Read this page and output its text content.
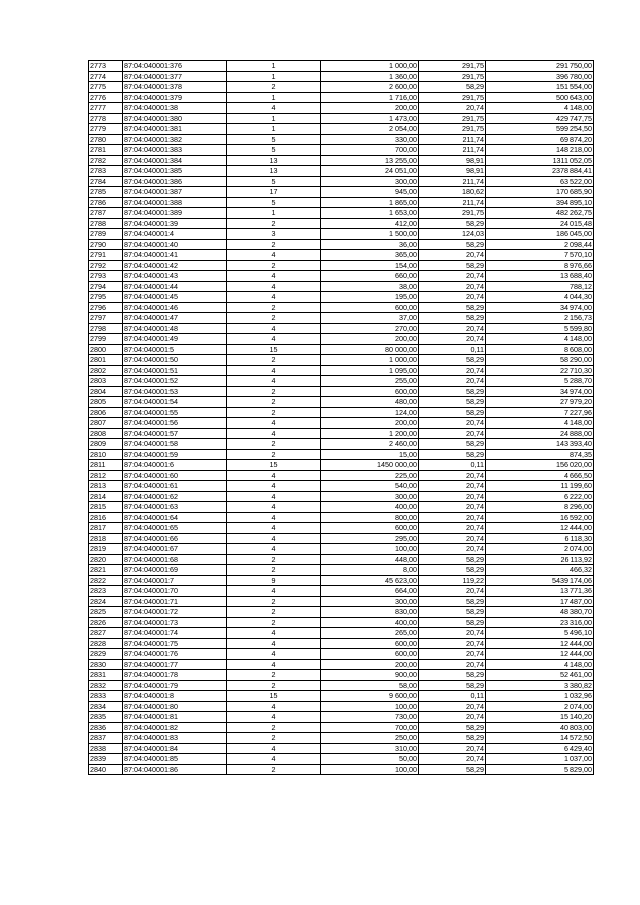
2773	87:04:040001:376	1	1 000,00	291,75	291 750,00
2774	87:04:040001:377	1	1 360,00	291,75	396 780,00
2775	87:04:040001:378	2	2 600,00	58,29	151 554,00
2776	87:04:040001:379	1	1 716,00	291,75	500 643,00
2777	87:04:040001:38	4	200,00	20,74	4 148,00
2778	87:04:040001:380	1	1 473,00	291,75	429 747,75
2779	87:04:040001:381	1	2 054,00	291,75	599 254,50
2780	87:04:040001:382	5	330,00	211,74	69 874,20
2781	87:04:040001:383	5	700,00	211,74	148 218,00
2782	87:04:040001:384	13	13 255,00	98,91	1311 052,05
2783	87:04:040001:385	13	24 051,00	98,91	2378 884,41
2784	87:04:040001:386	5	300,00	211,74	63 522,00
2785	87:04:040001:387	17	945,00	180,62	170 685,90
2786	87:04:040001:388	5	1 865,00	211,74	394 895,10
2787	87:04:040001:389	1	1 653,00	291,75	482 262,75
2788	87:04:040001:39	2	412,00	58,29	24 015,48
2789	87:04:040001:4	3	1 500,00	124,03	186 045,00
2790	87:04:040001:40	2	36,00	58,29	2 098,44
2791	87:04:040001:41	4	365,00	20,74	7 570,10
2792	87:04:040001:42	2	154,00	58,29	8 976,66
2793	87:04:040001:43	4	660,00	20,74	13 688,40
2794	87:04:040001:44	4	38,00	20,74	788,12
2795	87:04:040001:45	4	195,00	20,74	4 044,30
2796	87:04:040001:46	2	600,00	58,29	34 974,00
2797	87:04:040001:47	2	37,00	58,29	2 156,73
2798	87:04:040001:48	4	270,00	20,74	5 599,80
2799	87:04:040001:49	4	200,00	20,74	4 148,00
2800	87:04:040001:5	15	80 000,00	0,11	8 608,00
2801	87:04:040001:50	2	1 000,00	58,29	58 290,00
2802	87:04:040001:51	4	1 095,00	20,74	22 710,30
2803	87:04:040001:52	4	255,00	20,74	5 288,70
2804	87:04:040001:53	2	600,00	58,29	34 974,00
2805	87:04:040001:54	2	480,00	58,29	27 979,20
2806	87:04:040001:55	2	124,00	58,29	7 227,96
2807	87:04:040001:56	4	200,00	20,74	4 148,00
2808	87:04:040001:57	4	1 200,00	20,74	24 888,00
2809	87:04:040001:58	2	2 460,00	58,29	143 393,40
2810	87:04:040001:59	2	15,00	58,29	874,35
2811	87:04:040001:6	15	1450 000,00	0,11	156 020,00
2812	87:04:040001:60	4	225,00	20,74	4 666,50
2813	87:04:040001:61	4	540,00	20,74	11 199,60
2814	87:04:040001:62	4	300,00	20,74	6 222,00
2815	87:04:040001:63	4	400,00	20,74	8 296,00
2816	87:04:040001:64	4	800,00	20,74	16 592,00
2817	87:04:040001:65	4	600,00	20,74	12 444,00
2818	87:04:040001:66	4	295,00	20,74	6 118,30
2819	87:04:040001:67	4	100,00	20,74	2 074,00
2820	87:04:040001:68	2	448,00	58,29	26 113,92
2821	87:04:040001:69	2	8,00	58,29	466,32
2822	87:04:040001:7	9	45 623,00	119,22	5439 174,06
2823	87:04:040001:70	4	664,00	20,74	13 771,36
2824	87:04:040001:71	2	300,00	58,29	17 487,00
2825	87:04:040001:72	2	830,00	58,29	48 380,70
2826	87:04:040001:73	2	400,00	58,29	23 316,00
2827	87:04:040001:74	4	265,00	20,74	5 496,10
2828	87:04:040001:75	4	600,00	20,74	12 444,00
2829	87:04:040001:76	4	600,00	20,74	12 444,00
2830	87:04:040001:77	4	200,00	20,74	4 148,00
2831	87:04:040001:78	2	900,00	58,29	52 461,00
2832	87:04:040001:79	2	58,00	58,29	3 380,82
2833	87:04:040001:8	15	9 600,00	0,11	1 032,96
2834	87:04:040001:80	4	100,00	20,74	2 074,00
2835	87:04:040001:81	4	730,00	20,74	15 140,20
2836	87:04:040001:82	2	700,00	58,29	40 803,00
2837	87:04:040001:83	2	250,00	58,29	14 572,50
2838	87:04:040001:84	4	310,00	20,74	6 429,40
2839	87:04:040001:85	4	50,00	20,74	1 037,00
2840	87:04:040001:86	2	100,00	58,29	5 829,00
